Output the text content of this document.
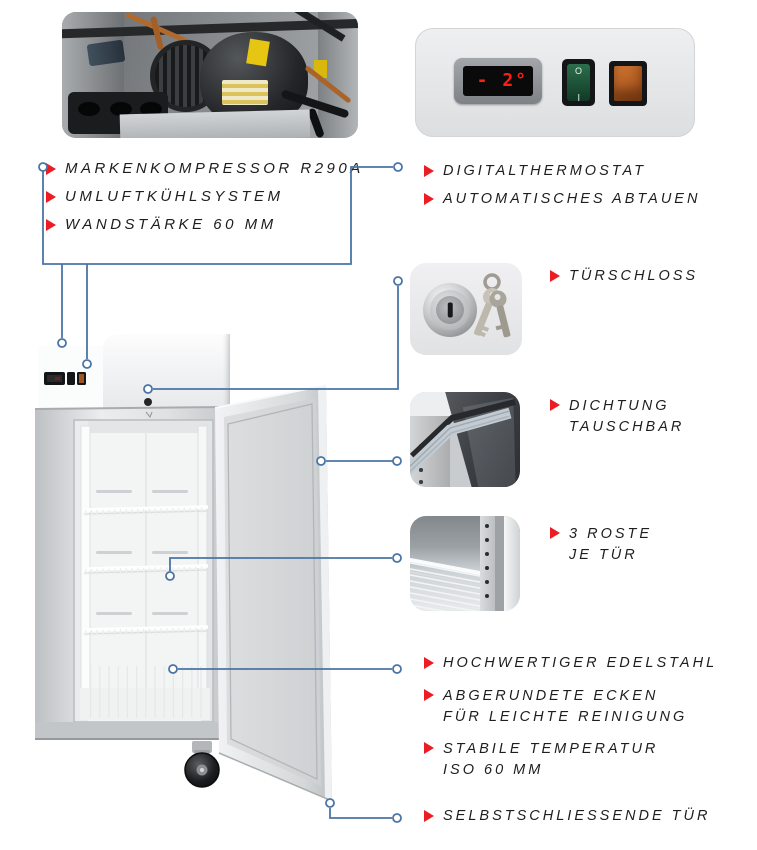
- 2°	O
MARKENKOMPRESSOR R290A
UMLUFTKÜHLSYSTEM
WANDSTÄRKE 60 MM
DIGITALTHERMOSTAT
AUTOMATISCHES ABTAUEN
TÜRSCHLOSS
DICHTUNG
TAUSCHBAR
3 ROSTE
JE TÜR
HOCHWERTIGER EDELSTAHL
ABGERUNDETE ECKEN
FÜR LEICHTE REINIGUNG
STABILE TEMPERATUR
ISO 60 MM
SELBSTSCHLIESSENDE TÜR
